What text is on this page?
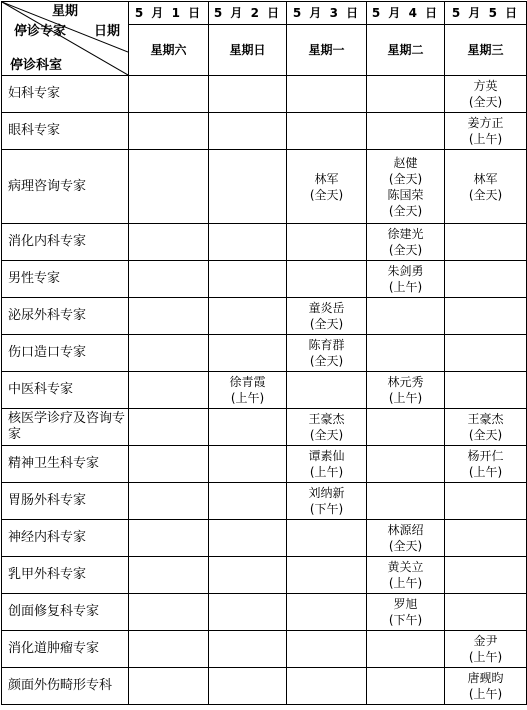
星期
日期
停诊专家
停诊科室	5 月 1 日	5 月 2 日	5 月 3 日	5 月 4 日	5 月 5 日
	星期六	星期日	星期一	星期二	星期三
妇科专家					方英
(全天)

眼科专家					姜方正
(上午)

病理咨询专家			林军
(全天)	赵健
(全天)
陈国荣
(全天)	林军
(全天)

消化内科专家				徐建光
(全天)	

男性专家				朱剑勇
(上午)	

泌尿外科专家			童炎岳
(全天)		

伤口造口专家			陈育群
(全天)		

中医科专家		徐青霞
(上午)		林元秀
(上午)	

核医学诊疗及咨询专家			王豪杰
(全天)		王豪杰
(全天)

精神卫生科专家			谭素仙
(上午)		杨开仁
(上午)

胃肠外科专家			刘纳新
(下午)		

神经内科专家				林源绍
(全天)	

乳甲外科专家				黄关立
(上午)	

创面修复科专家				罗旭
(下午)	

消化道肿瘤专家					金尹
(上午)

颜面外伤畸形专科					唐觋昀
(上午)
